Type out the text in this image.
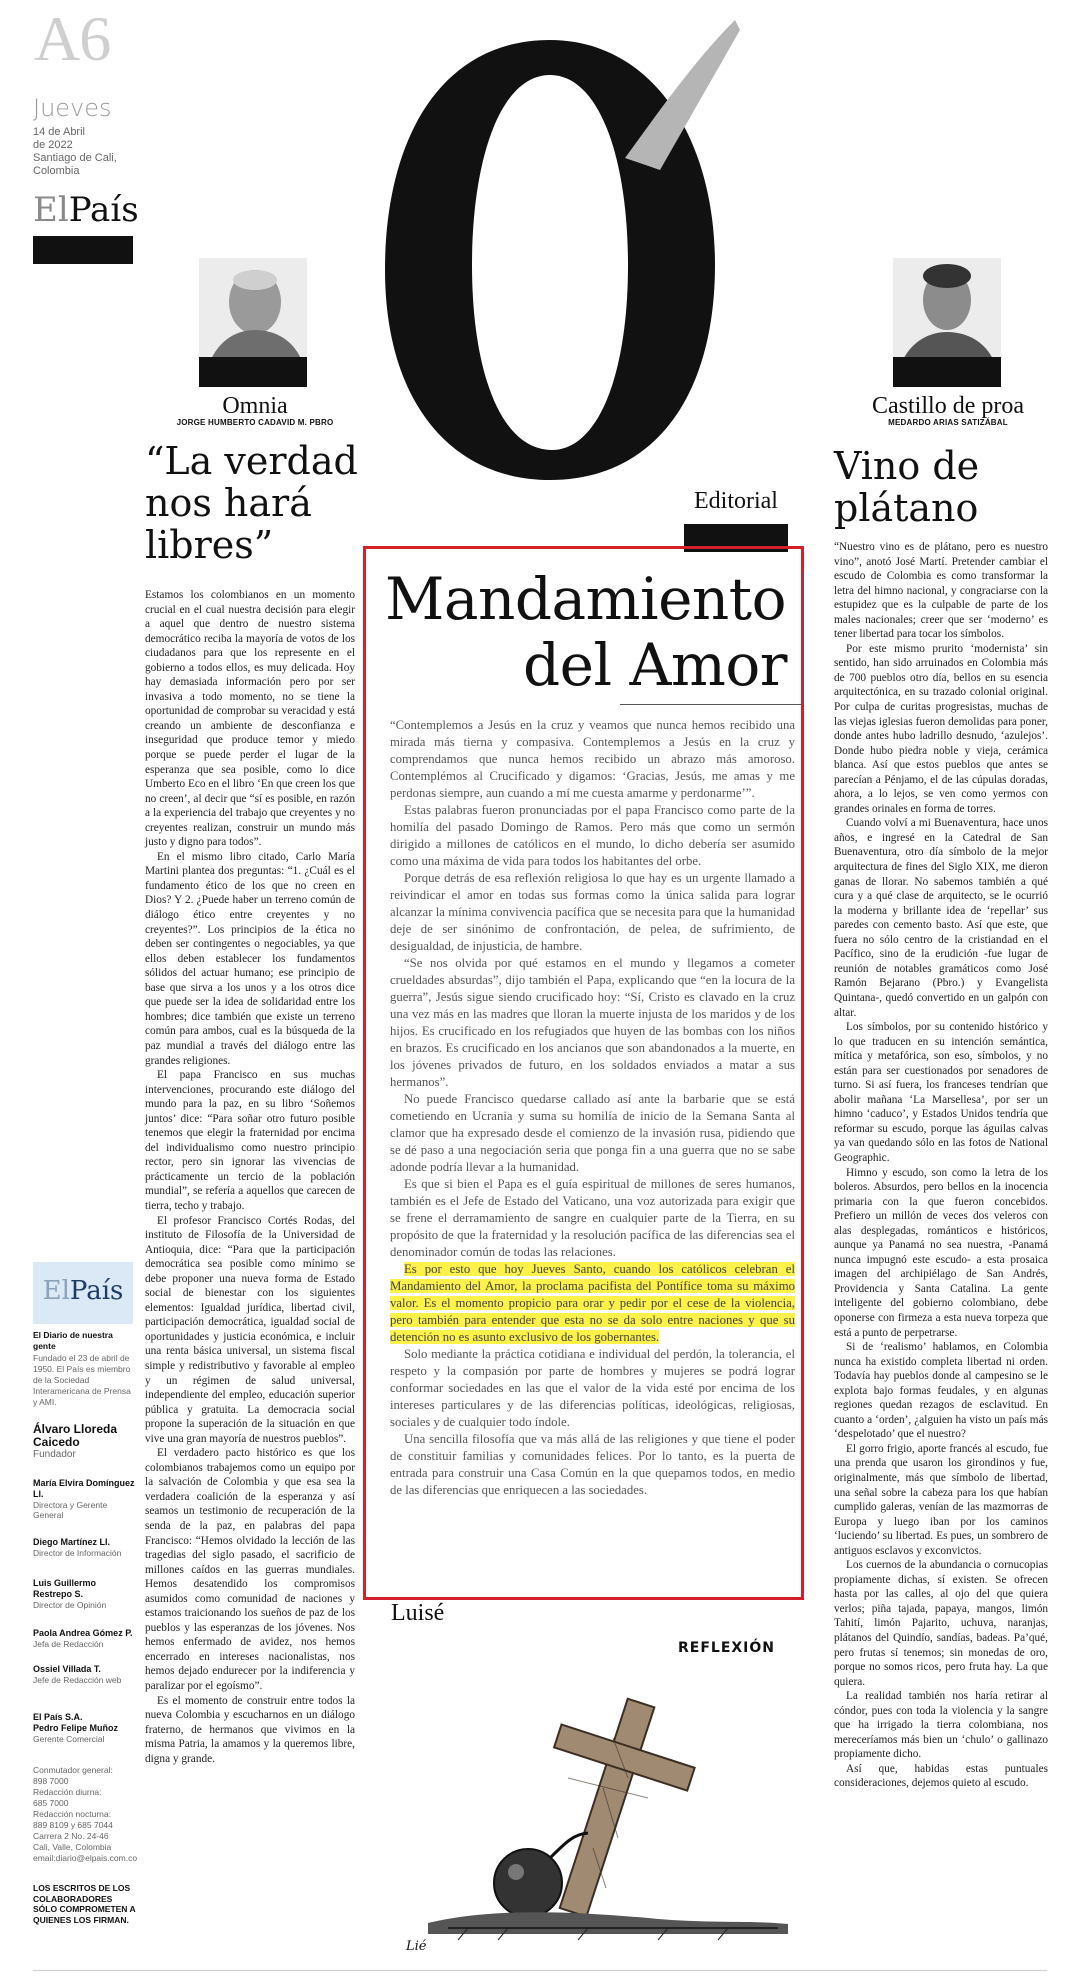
A6
Jueves
14 de Abril
de 2022
Santiago de Cali,
Colombia
ElPaís
Omnia
JORGE HUMBERTO CADAVID M. PBRO
“La verdad
nos hará
libres”

Estamos los colombianos en un momento crucial en el cual nuestra decisión para elegir a aquel que dentro de nuestro sistema democrático reciba la mayoría de votos de los ciudadanos para que los represente en el gobierno a todos ellos, es muy delicada. Hoy hay demasiada información pero por ser invasiva a todo momento, no se tiene la oportunidad de comprobar su veracidad y está creando un ambiente de desconfianza e inseguridad que produce temor y miedo porque se puede perder el lugar de la esperanza que sea posible, como lo dice Umberto Eco en el libro ‘En que creen los que no creen’, al decir que “sí es posible, en razón a la experiencia del trabajo que creyentes y no creyentes realizan, construir un mundo más justo y digno para todos”.

En el mismo libro citado, Carlo María Martini plantea dos preguntas: “1. ¿Cuál es el fundamento ético de los que no creen en Dios? Y 2. ¿Puede haber un terreno común de diálogo ético entre creyentes y no creyentes?”. Los principios de la ética no deben ser contingentes o negociables, ya que ellos deben establecer los fundamentos sólidos del actuar humano; ese principio de base que sirva a los unos y a los otros dice que puede ser la idea de solidaridad entre los hombres; dice también que existe un terreno común para ambos, cual es la búsqueda de la paz mundial a través del diálogo entre las grandes religiones.

El papa Francisco en sus muchas intervenciones, procurando este diálogo del mundo para la paz, en su libro ‘Soñemos juntos’ dice: “Para soñar otro futuro posible tenemos que elegir la fraternidad por encima del individualismo como nuestro principio rector, pero sin ignorar las vivencias de prácticamente un tercio de la población mundial”, se refería a aquellos que carecen de tierra, techo y trabajo.

El profesor Francisco Cortés Rodas, del instituto de Filosofía de la Universidad de Antioquia, dice: “Para que la participación democrática sea posible como mínimo se debe proponer una nueva forma de Estado social de bienestar con los siguientes elementos: Igualdad jurídica, libertad civil, participación democrática, igualdad social de oportunidades y justicia económica, e incluir una renta básica universal, un sistema fiscal simple y redistributivo y favorable al empleo y un régimen de salud universal, independiente del empleo, educación superior pública y gratuita. La democracia social propone la superación de la situación en que vive una gran mayoría de nuestros pueblos”.

El verdadero pacto histórico es que los colombianos trabajemos como un equipo por la salvación de Colombia y que esa sea la verdadera coalición de la esperanza y así seamos un testimonio de recuperación de la senda de la paz, en palabras del papa Francisco: “Hemos olvidado la lección de las tragedias del siglo pasado, el sacrificio de millones caídos en las guerras mundiales. Hemos desatendido los compromisos asumidos como comunidad de naciones y estamos traicionando los sueños de paz de los pueblos y las esperanzas de los jóvenes. Nos hemos enfermado de avidez, nos hemos encerrado en intereses nacionalistas, nos hemos dejado endurecer por la indiferencia y paralizar por el egoísmo”.

Es el momento de construir entre todos la nueva Colombia y escucharnos en un diálogo fraterno, de hermanos que vivimos en la misma Patria, la amamos y la queremos libre, digna y grande.

Castillo de proa
MEDARDO ARIAS SATIZÁBAL
Vino de
plátano

“Nuestro vino es de plátano, pero es nuestro vino”, anotó José Martí. Pretender cambiar el escudo de Colombia es como transformar la letra del himno nacional, y congraciarse con la estupidez que es la culpable de parte de los males nacionales; creer que ser ‘moderno’ es tener libertad para tocar los símbolos.

Por este mismo prurito ‘modernista’ sin sentido, han sido arruinados en Colombia más de 700 pueblos otro día, bellos en su esencia arquitectónica, en su trazado colonial original. Por culpa de curitas progresistas, muchas de las viejas iglesias fueron demolidas para poner, donde antes hubo ladrillo desnudo, ‘azulejos’. Donde hubo piedra noble y vieja, cerámica blanca. Así que estos pueblos que antes se parecían a Pénjamo, el de las cúpulas doradas, ahora, a lo lejos, se ven como yermos con grandes orinales en forma de torres.

Cuando volví a mi Buenaventura, hace unos años, e ingresé en la Catedral de San Buenaventura, otro día símbolo de la mejor arquitectura de fines del Siglo XIX, me dieron ganas de llorar. No sabemos también a qué cura y a qué clase de arquitecto, se le ocurrió la moderna y brillante idea de ‘repellar’ sus paredes con cemento basto. Así que este, que fuera no sólo centro de la cristiandad en el Pacífico, sino de la erudición -fue lugar de reunión de notables gramáticos como José Ramón Bejarano (Pbro.) y Evangelista Quintana-, quedó convertido en un galpón con altar.

Los símbolos, por su contenido histórico y lo que traducen en su intención semántica, mítica y metafórica, son eso, símbolos, y no están para ser cuestionados por senadores de turno. Si así fuera, los franceses tendrían que abolir mañana ‘La Marsellesa’, por ser un himno ‘caduco’, y Estados Unidos tendría que reformar su escudo, porque las águilas calvas ya van quedando sólo en las fotos de National Geographic.

Himno y escudo, son como la letra de los boleros. Absurdos, pero bellos en la inocencia primaria con la que fueron concebidos. Prefiero un millón de veces dos veleros con alas desplegadas, románticos e históricos, aunque ya Panamá no sea nuestra, -Panamá nunca impugnó este escudo- a esta prosaica imagen del archipiélago de San Andrés, Providencia y Santa Catalina. La gente inteligente del gobierno colombiano, debe oponerse con firmeza a esta nueva torpeza que está a punto de perpetrarse.

Si de ‘realismo’ hablamos, en Colombia nunca ha existido completa libertad ni orden. Todavía hay pueblos donde al campesino se le explota bajo formas feudales, y en algunas regiones quedan rezagos de esclavitud. En cuanto a ‘orden’, ¿alguien ha visto un país más ‘despelotado’ que el nuestro?

El gorro frigio, aporte francés al escudo, fue una prenda que usaron los girondinos y fue, originalmente, más que símbolo de libertad, una señal sobre la cabeza para los que habían cumplido galeras, venían de las mazmorras de Europa y luego iban por los caminos ‘luciendo’ su libertad. Es pues, un sombrero de antiguos esclavos y exconvictos.

Los cuernos de la abundancia o cornucopias propiamente dichas, sí existen. Se ofrecen hasta por las calles, al ojo del que quiera verlos; piña tajada, papaya, mangos, limón Tahití, limón Pajarito, uchuva, naranjas, plátanos del Quindío, sandías, badeas. Pa’qué, pero frutas sí tenemos; sin monedas de oro, porque no somos ricos, pero fruta hay. La que quiera.

La realidad también nos haría retirar al cóndor, pues con toda la violencia y la sangre que ha irrigado la tierra colombiana, nos mereceríamos más bien un ‘chulo’ o gallinazo propiamente dicho.

Así que, habidas estas puntuales consideraciones, dejemos quieto al escudo.

Editorial
Mandamiento
del Amor

“Contemplemos a Jesús en la cruz y veamos que nunca hemos recibido una mirada más tierna y compasiva. Contemplemos a Jesús en la cruz y comprendamos que nunca hemos recibido un abrazo más amoroso. Contemplémos al Crucificado y digamos: ‘Gracias, Jesús, me amas y me perdonas siempre, aun cuando a mí me cuesta amarme y perdonarme’”.

Estas palabras fueron pronunciadas por el papa Francisco como parte de la homilía del pasado Domingo de Ramos. Pero más que como un sermón dirigido a millones de católicos en el mundo, lo dicho debería ser asumido como una máxima de vida para todos los habitantes del orbe.

Porque detrás de esa reflexión religiosa lo que hay es un urgente llamado a reivindicar el amor en todas sus formas como la única salida para lograr alcanzar la mínima convivencia pacífica que se necesita para que la humanidad deje de ser sinónimo de confrontación, de pelea, de sufrimiento, de desigualdad, de injusticia, de hambre.

“Se nos olvida por qué estamos en el mundo y llegamos a cometer crueldades absurdas”, dijo también el Papa, explicando que “en la locura de la guerra”, Jesús sigue siendo crucificado hoy: “Sí, Cristo es clavado en la cruz una vez más en las madres que lloran la muerte injusta de los maridos y de los hijos. Es crucificado en los refugiados que huyen de las bombas con los niños en brazos. Es crucificado en los ancianos que son abandonados a la muerte, en los jóvenes privados de futuro, en los soldados enviados a matar a sus hermanos”.

No puede Francisco quedarse callado así ante la barbarie que se está cometiendo en Ucrania y suma su homilía de inicio de la Semana Santa al clamor que ha expresado desde el comienzo de la invasión rusa, pidiendo que se dé paso a una negociación seria que ponga fin a una guerra que no se sabe adonde podría llevar a la humanidad.

Es que si bien el Papa es el guía espiritual de millones de seres humanos, también es el Jefe de Estado del Vaticano, una voz autorizada para exigir que se frene el derramamiento de sangre en cualquier parte de la Tierra, en su propósito de que la fraternidad y la resolución pacífica de las diferencias sea el denominador común de todas las relaciones.

Es por esto que hoy Jueves Santo, cuando los católicos celebran el Mandamiento del Amor, la proclama pacifista del Pontífice toma su máximo valor. Es el momento propicio para orar y pedir por el cese de la violencia, pero también para entender que esta no se da solo entre naciones y que su detención no es asunto exclusivo de los gobernantes.

Solo mediante la práctica cotidiana e individual del perdón, la tolerancia, el respeto y la compasión por parte de hombres y mujeres se podrá lograr conformar sociedades en las que el valor de la vida esté por encima de los intereses particulares y de las diferencias políticas, ideológicas, religiosas, sociales y de cualquier todo índole.

Una sencilla filosofía que va más allá de las religiones y que tiene el poder de constituir familias y comunidades felices. Por lo tanto, es la puerta de entrada para construir una Casa Común en la que quepamos todos, en medio de las diferencias que enriquecen a las sociedades.

Luisé
REFLEXIÓN
Lié
ElPaís
El Diario de nuestra gente
Fundado el 23 de abril de 1950. El País es miembro de la Sociedad Interamericana de Prensa y AMI.
Álvaro Lloreda Caicedo
Fundador
María Elvira Domínguez Ll.
Directora y Gerente General
Diego Martínez Ll.
Director de Información
Luis Guillermo Restrepo S.
Director de Opinión
Paola Andrea Gómez P.
Jefa de Redacción
Ossiel Villada T.
Jefe de Redacción web
El País S.A.
Pedro Felipe Muñoz
Gerente Comercial
Conmutador general:
898 7000
Redacción diurna:
685 7000
Redacción nocturna:
889 8109 y 685 7044
Carrera 2 No. 24-46
Cali, Valle, Colombia
email:diario@elpais.com.co
LOS ESCRITOS DE LOS COLABORADORES SÓLO COMPROMETEN A QUIENES LOS FIRMAN.
